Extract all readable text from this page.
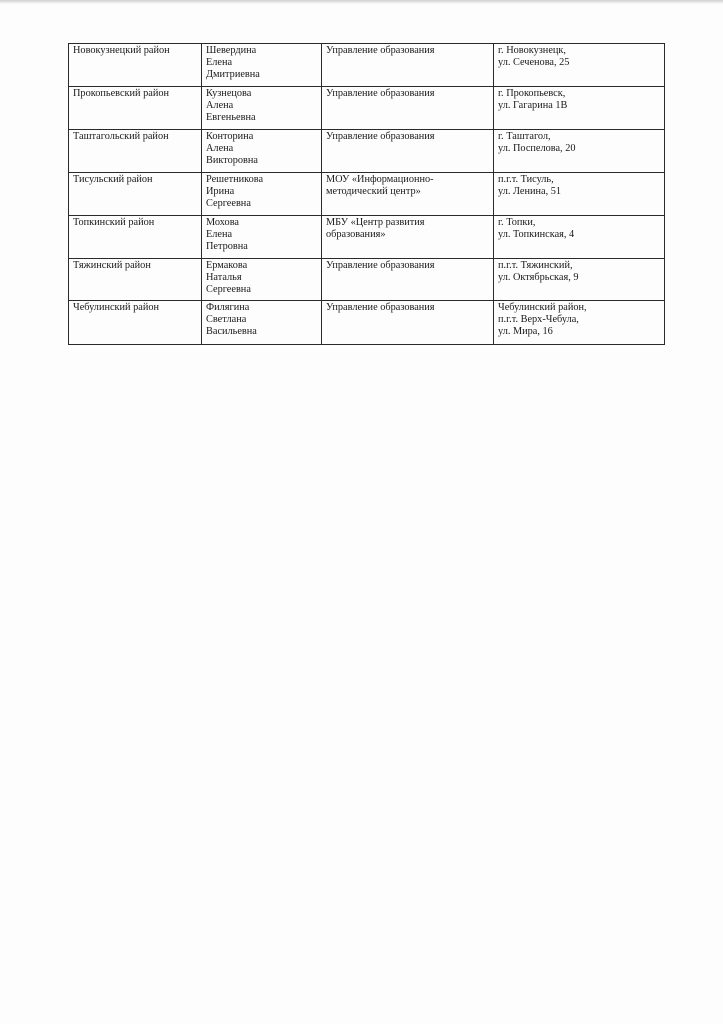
Новокузнецкий район	Шевердина
Елена
Дмитриевна	Управление образования	г. Новокузнецк,
ул. Сеченова, 25

Прокопьевский район	Кузнецова
Алена
Евгеньевна	Управление образования	г. Прокопьевск,
ул. Гагарина 1В

Таштагольский район	Конторина
Алена
Викторовна	Управление образования	г. Таштагол,
ул. Поспелова, 20

Тисульский район	Решетникова
Ирина
Сергеевна	МОУ «Информационно-
методический центр»	п.г.т. Тисуль,
ул. Ленина, 51

Топкинский район	Мохова
Елена
Петровна	МБУ «Центр развития
образования»	г. Топки,
ул. Топкинская, 4

Тяжинский район	Ермакова
Наталья
Сергеевна	Управление образования	п.г.т. Тяжинский,
ул. Октябрьская, 9

Чебулинский район	Филягина
Светлана
Васильевна	Управление образования	Чебулинский район,
п.г.т. Верх-Чебула,
ул. Мира, 16
